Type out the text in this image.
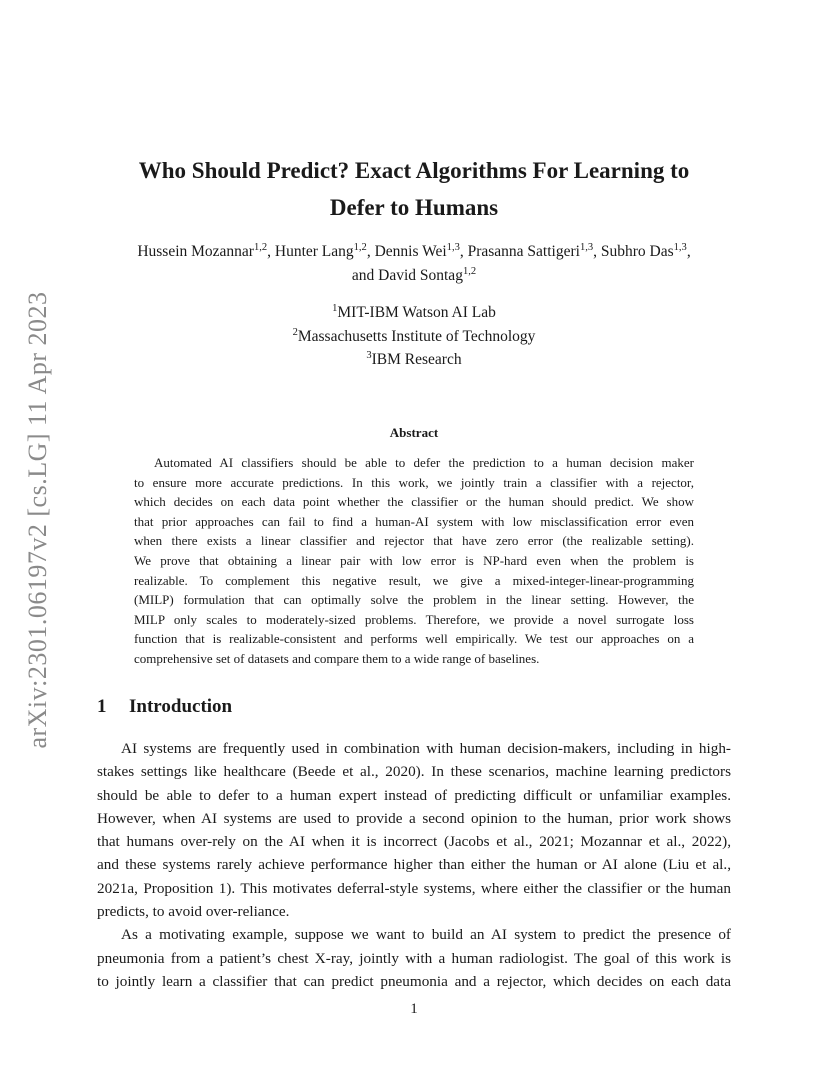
arXiv:2301.06197v2 [cs.LG] 11 Apr 2023
Who Should Predict? Exact Algorithms For Learning to
Defer to Humans
Hussein Mozannar$^{1,2}$, Hunter Lang$^{1,2}$, Dennis Wei$^{1,3}$, Prasanna Sattigeri$^{1,3}$, Subhro Das$^{1,3}$,
and David Sontag$^{1,2}$
$^1$MIT-IBM Watson AI Lab
$^2$Massachusetts Institute of Technology
$^3$IBM Research
Abstract
Automated AI classifiers should be able to defer the prediction to a human decision maker
to ensure more accurate predictions. In this work, we jointly train a classifier with a rejector,
which decides on each data point whether the classifier or the human should predict. We show
that prior approaches can fail to find a human-AI system with low misclassification error even
when there exists a linear classifier and rejector that have zero error (the realizable setting).
We prove that obtaining a linear pair with low error is NP-hard even when the problem is
realizable. To complement this negative result, we give a mixed-integer-linear-programming
(MILP) formulation that can optimally solve the problem in the linear setting. However, the
MILP only scales to moderately-sized problems. Therefore, we provide a novel surrogate loss
function that is realizable-consistent and performs well empirically. We test our approaches on a
comprehensive set of datasets and compare them to a wide range of baselines.
1 Introduction
AI systems are frequently used in combination with human decision-makers, including in high-
stakes settings like healthcare (Beede et al., 2020). In these scenarios, machine learning predictors
should be able to defer to a human expert instead of predicting difficult or unfamiliar examples.
However, when AI systems are used to provide a second opinion to the human, prior work shows
that humans over-rely on the AI when it is incorrect (Jacobs et al., 2021; Mozannar et al., 2022),
and these systems rarely achieve performance higher than either the human or AI alone (Liu et al.,
2021a, Proposition 1). This motivates deferral-style systems, where either the classifier or the human
predicts, to avoid over-reliance.
As a motivating example, suppose we want to build an AI system to predict the presence of
pneumonia from a patient’s chest X-ray, jointly with a human radiologist. The goal of this work is
to jointly learn a classifier that can predict pneumonia and a rejector, which decides on each data
1
